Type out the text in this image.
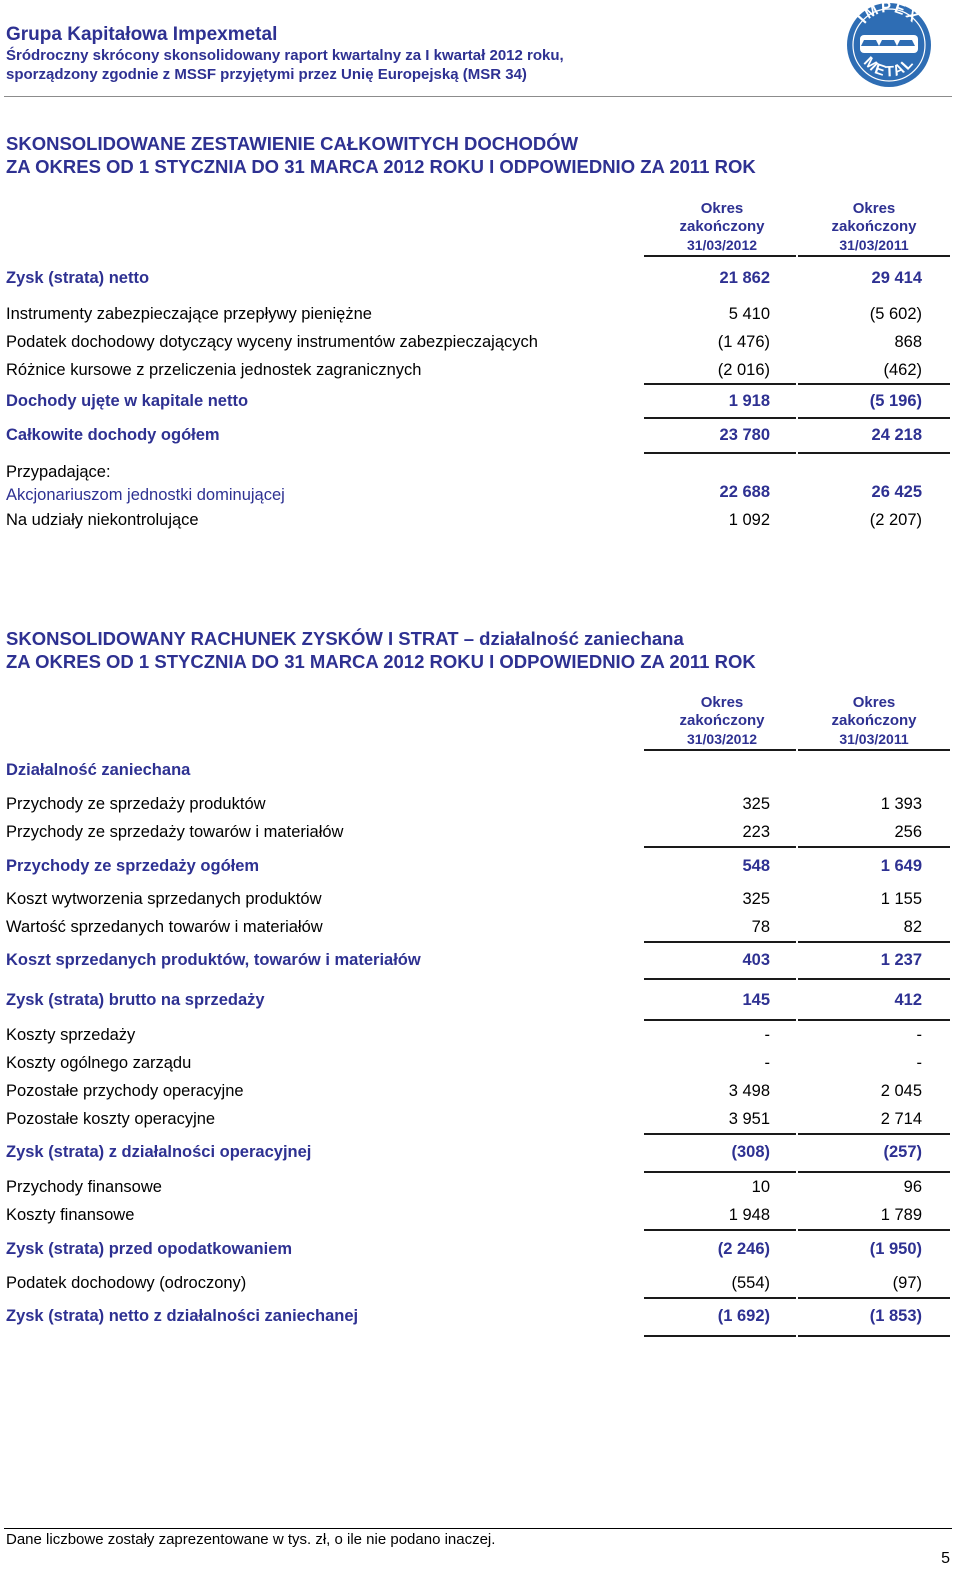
Grupa Kapitałowa Impexmetal
Śródroczny skrócony skonsolidowany raport kwartalny za I kwartał 2012 roku,
sporządzony zgodnie z MSSF przyjętymi przez Unię Europejską (MSR 34)
IMPEX
METAL
SKONSOLIDOWANE ZESTAWIENIE CAŁKOWITYCH DOCHODÓW
ZA OKRES OD 1 STYCZNIA DO 31 MARCA 2012 ROKU I ODPOWIEDNIO ZA 2011 ROK
Okres
zakończony
31/03/2012
Okres
zakończony
31/03/2011
Zysk (strata) netto	21 862	29 414
Instrumenty zabezpieczające przepływy pieniężne	5 410	(5 602)
Podatek dochodowy dotyczący wyceny instrumentów zabezpieczających	(1 476)	868
Różnice kursowe z przeliczenia jednostek zagranicznych	(2 016)	(462)
Dochody ujęte w kapitale netto	1 918	(5 196)
Całkowite dochody ogółem	23 780	24 218
Przypadające:
Akcjonariuszom jednostki dominującej	22 688	26 425
Na udziały niekontrolujące	1 092	(2 207)
SKONSOLIDOWANY RACHUNEK ZYSKÓW I STRAT – działalność zaniechana
ZA OKRES OD 1 STYCZNIA DO 31 MARCA 2012 ROKU I ODPOWIEDNIO ZA 2011 ROK
Okres
zakończony
31/03/2012
Okres
zakończony
31/03/2011
Działalność zaniechana
Przychody ze sprzedaży produktów	325	1 393
Przychody ze sprzedaży towarów i materiałów	223	256
Przychody ze sprzedaży ogółem	548	1 649
Koszt wytworzenia sprzedanych produktów	325	1 155
Wartość sprzedanych towarów i materiałów	78	82
Koszt sprzedanych produktów, towarów i materiałów	403	1 237
Zysk (strata) brutto na sprzedaży	145	412
Koszty sprzedaży	-	-
Koszty ogólnego zarządu	-	-
Pozostałe przychody operacyjne	3 498	2 045
Pozostałe koszty operacyjne	3 951	2 714
Zysk (strata) z działalności operacyjnej	(308)	(257)
Przychody finansowe	10	96
Koszty finansowe	1 948	1 789
Zysk (strata) przed opodatkowaniem	(2 246)	(1 950)
Podatek dochodowy (odroczony)	(554)	(97)
Zysk (strata) netto z działalności zaniechanej	(1 692)	(1 853)
Dane liczbowe zostały zaprezentowane w tys. zł, o ile nie podano inaczej.
5
